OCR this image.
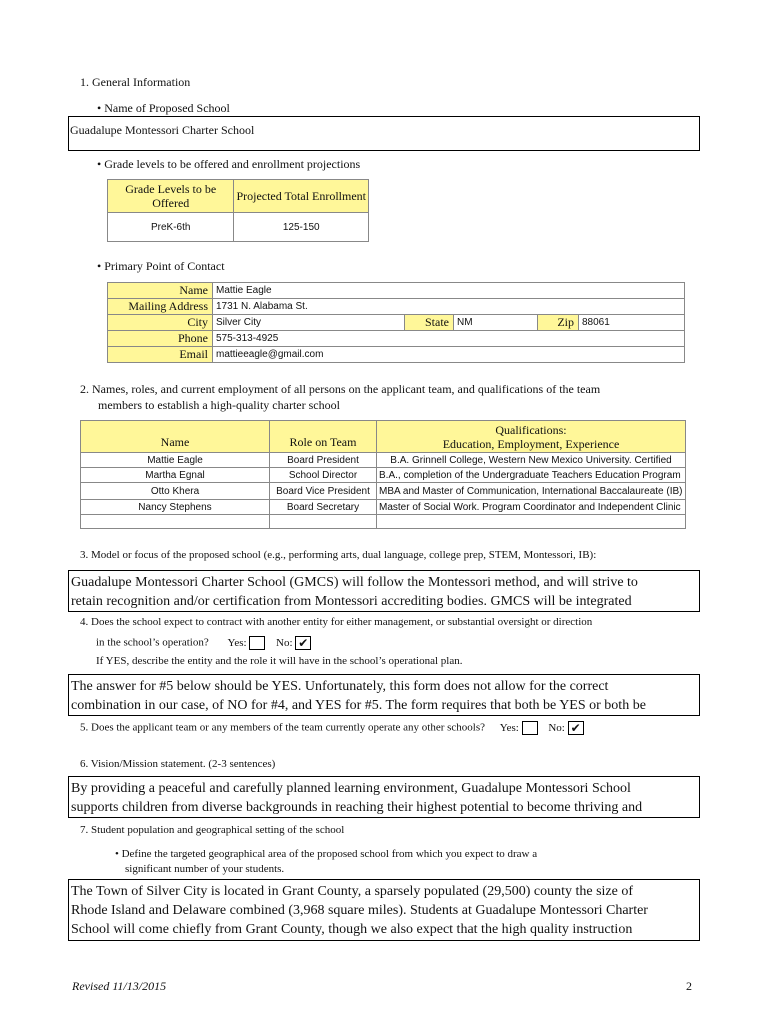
1. General Information
• Name of Proposed School
Guadalupe Montessori Charter School
• Grade levels to be offered and enrollment projections
Grade Levels to be Offered	Projected Total Enrollment
PreK-6th	125-150
• Primary Point of Contact
Name	Mattie Eagle				
Mailing Address	1731 N. Alabama St.				
City	Silver City	State	NM	Zip	88061
Phone	575-313-4925				
Email	mattieeagle@gmail.com				
2. Names, roles, and current employment of all persons on the applicant team, and qualifications of the team
members to establish a high-quality charter school
Name	Role on Team	Qualifications:
Education, Employment, Experience

Mattie Eagle	Board President	B.A. Grinnell College, Western New Mexico University. Certified
Martha Egnal	School Director	B.A., completion of the Undergraduate Teachers Education Program
Otto Khera	Board Vice President	MBA and Master of Communication, International Baccalaureate (IB)
Nancy Stephens	Board Secretary	Master of Social Work. Program Coordinator and Independent Clinic

3. Model or focus of the proposed school (e.g., performing arts, dual language, college prep, STEM, Montessori, IB):
Guadalupe Montessori Charter School (GMCS) will follow the Montessori method, and will strive to
retain recognition and/or certification from Montessori accrediting bodies. GMCS will be integrated
4. Does the school expect to contract with another entity for either management, or substantial oversight or direction
in the school’s operation? Yes:	No: ✔
If YES, describe the entity and the role it will have in the school’s operational plan.
The answer for #5 below should be YES. Unfortunately, this form does not allow for the correct
combination in our case, of NO for #4, and YES for #5. The form requires that both be YES or both be
5. Does the applicant team or any members of the team currently operate any other schools? Yes:	No: ✔
6. Vision/Mission statement. (2-3 sentences)
By providing a peaceful and carefully planned learning environment, Guadalupe Montessori School
supports children from diverse backgrounds in reaching their highest potential to become thriving and
7. Student population and geographical setting of the school
• Define the targeted geographical area of the proposed school from which you expect to draw a
significant number of your students.
The Town of Silver City is located in Grant County, a sparsely populated (29,500) county the size of
Rhode Island and Delaware combined (3,968 square miles). Students at Guadalupe Montessori Charter
School will come chiefly from Grant County, though we also expect that the high quality instruction
Revised 11/13/2015	2
